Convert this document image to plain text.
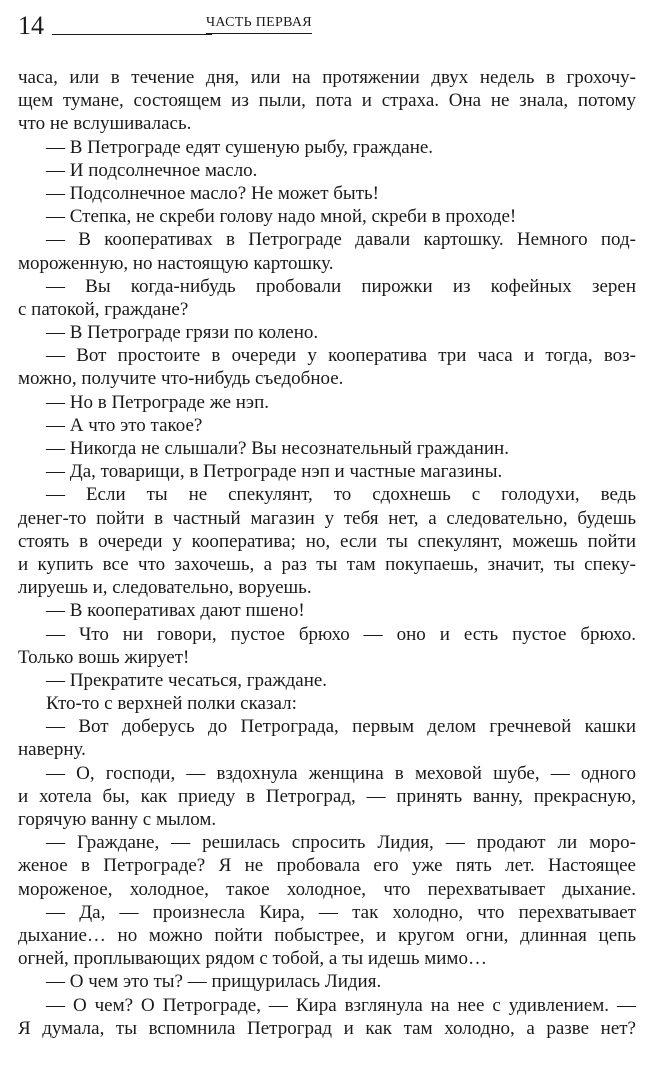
14	ЧАСТЬ ПЕРВАЯ
часа, или в течение дня, или на протяжении двух недель в грохочу-
щем тумане, состоящем из пыли, пота и страха. Она не знала, потому
что не вслушивалась.
— В Петрограде едят сушеную рыбу, граждане.
— И подсолнечное масло.
— Подсолнечное масло? Не может быть!
— Степка, не скреби голову надо мной, скреби в проходе!
— В кооперативах в Петрограде давали картошку. Немного под-
мороженную, но настоящую картошку.
— Вы когда-нибудь пробовали пирожки из кофейных зерен
с патокой, граждане?
— В Петрограде грязи по колено.
— Вот простоите в очереди у кооператива три часа и тогда, воз-
можно, получите что-нибудь съедобное.
— Но в Петрограде же нэп.
— А что это такое?
— Никогда не слышали? Вы несознательный гражданин.
— Да, товарищи, в Петрограде нэп и частные магазины.
— Если ты не спекулянт, то сдохнешь с голодухи, ведь
денег-то пойти в частный магазин у тебя нет, а следовательно, будешь
стоять в очереди у кооператива; но, если ты спекулянт, можешь пойти
и купить все что захочешь, а раз ты там покупаешь, значит, ты спеку-
лируешь и, следовательно, воруешь.
— В кооперативах дают пшено!
— Что ни говори, пустое брюхо — оно и есть пустое брюхо.
Только вошь жирует!
— Прекратите чесаться, граждане.
Кто-то с верхней полки сказал:
— Вот доберусь до Петрограда, первым делом гречневой кашки
наверну.
— О, господи, — вздохнула женщина в меховой шубе, — одного
и хотела бы, как приеду в Петроград, — принять ванну, прекрасную,
горячую ванну с мылом.
— Граждане, — решилась спросить Лидия, — продают ли моро-
женое в Петрограде? Я не пробовала его уже пять лет. Настоящее
мороженое, холодное, такое холодное, что перехватывает дыхание.
— Да, — произнесла Кира, — так холодно, что перехватывает
дыхание… но можно пойти побыстрее, и кругом огни, длинная цепь
огней, проплывающих рядом с тобой, а ты идешь мимо…
— О чем это ты? — прищурилась Лидия.
— О чем? О Петрограде, — Кира взглянула на нее с удивлением. —
Я думала, ты вспомнила Петроград и как там холодно, а разве нет?
